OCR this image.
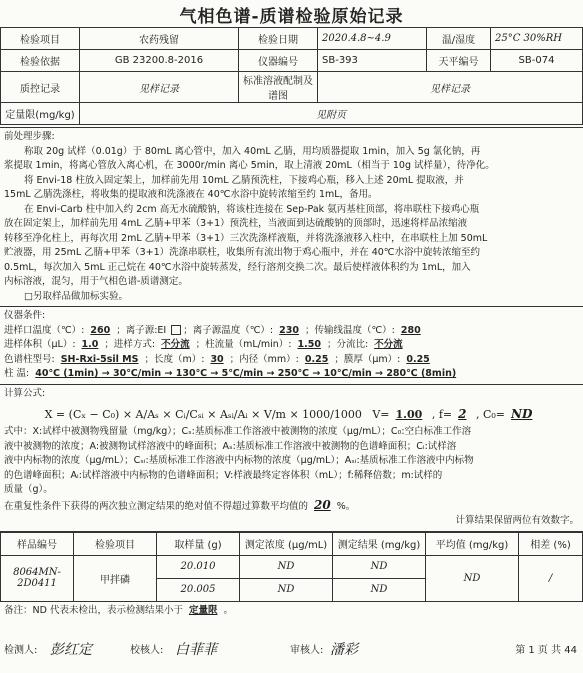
气相色谱-质谱检验原始记录
检验项目	农药残留	检验日期	2020.4.8~4.9	温/湿度	25°C 30%RH
检验依据	GB 23200.8-2016	仪器编号	SB-393	天平编号	SB-074
质控记录	见样记录	标准溶液配制及谱图	见样记录		
定量限(mg/kg)	见附页				
前处理步骤:
称取 20g 试样（0.01g）于 80mL 离心管中，加入 40mL 乙腈，用均质器提取 1min，加入 5g 氯化钠，再
浆提取 1min，将离心管放入离心机，在 3000r/min 离心 5min，取上清液 20mL（相当于 10g 试样量），待净化。
将 Envi-18 柱放入固定架上，加样前先用 10mL 乙腈预洗柱，下接鸡心瓶，移入上述 20mL 提取液，并
15mL 乙腈洗涤柱，将收集的提取液和洗涤液在 40℃水浴中旋转浓缩至约 1mL，备用。
在 Envi-Carb 柱中加入约 2cm 高无水硫酸钠，将该柱连接在 Sep-Pak 氨丙基柱顶部，将串联柱下接鸡心瓶
放在固定架上，加样前先用 4mL 乙腈+甲苯（3+1）预洗柱，当液面到达硫酸钠的顶部时，迅速将样品浓缩液
转移至净化柱上，再每次用 2mL 乙腈+甲苯（3+1）三次洗涤样液瓶，并将洗涤液移入柱中，在串联柱上加 50mL
贮液器，用 25mL 乙腈+甲苯（3+1）洗涤串联柱，收集所有流出物于鸡心瓶中，并在 40℃水浴中旋转浓缩至约
0.5mL，每次加入 5mL 正己烷在 40℃水浴中旋转蒸发，经行溶剂交换二次。最后使样液体积约为 1mL，加入
内标溶液，混匀，用于气相色谱-质谱测定。
□另取样品做加标实验。
仪器条件:
进样口温度（℃）: 260 ；离子源:EI ；离子源温度（℃）: 230 ；传输线温度（℃）: 280
进样体积（μL）: 1.0 ；进样方式: 不分流 ；柱流量（mL/min）: 1.50 ；分流比: 不分流
色谱柱型号: SH-Rxi-5sil MS ；长度（m）: 30 ；内径（mm）: 0.25 ；膜厚（μm）: 0.25
柱 温: 40℃ (1min) → 30℃/min → 130℃ → 5℃/min → 250℃ → 10℃/min → 280℃ (8min)
计算公式:
X = (Cₓ − C₀) × A/Aₛ × Cᵢ/Cₛᵢ × Aₛᵢ/Aᵢ × V/m × 1000/1000   V= 1.00 , f= 2 , C₀= ND
式中：X:试样中被测物残留量（mg/kg）；Cₛ:基质标准工作溶液中被测物的浓度（μg/mL）；C₀:空白标准工作溶
液中被测物的浓度；A:被测物试样溶液中的峰面积；Aₛ:基质标准工作溶液中被测物的色谱峰面积；Cᵢ:试样溶
液中内标物的浓度（μg/mL）；Cₛᵢ:基质标准工作溶液中内标物的浓度（μg/mL）；Aₛᵢ:基质标准工作溶液中内标物
的色谱峰面积；Aᵢ:试样溶液中内标物的色谱峰面积；V:样液最终定容体积（mL）；f:稀释倍数；m:试样的
质量（g）。
在重复性条件下获得的两次独立测定结果的绝对值不得超过算数平均值的 20 %。
计算结果保留两位有效数字。
样品编号	检验项目	取样量 (g)	测定浓度 (μg/mL)	测定结果 (mg/kg)	平均值 (mg/kg)	相差 (%)
8064MN-2D0411	甲拌磷	20.010	ND	ND	ND	/
		20.005	ND	ND		
备注：ND 代表未检出，表示检测结果小于 定量限 。
检测人: 彭红定	校核人: 白菲菲	审核人: 潘彩	第 1 页 共 44
